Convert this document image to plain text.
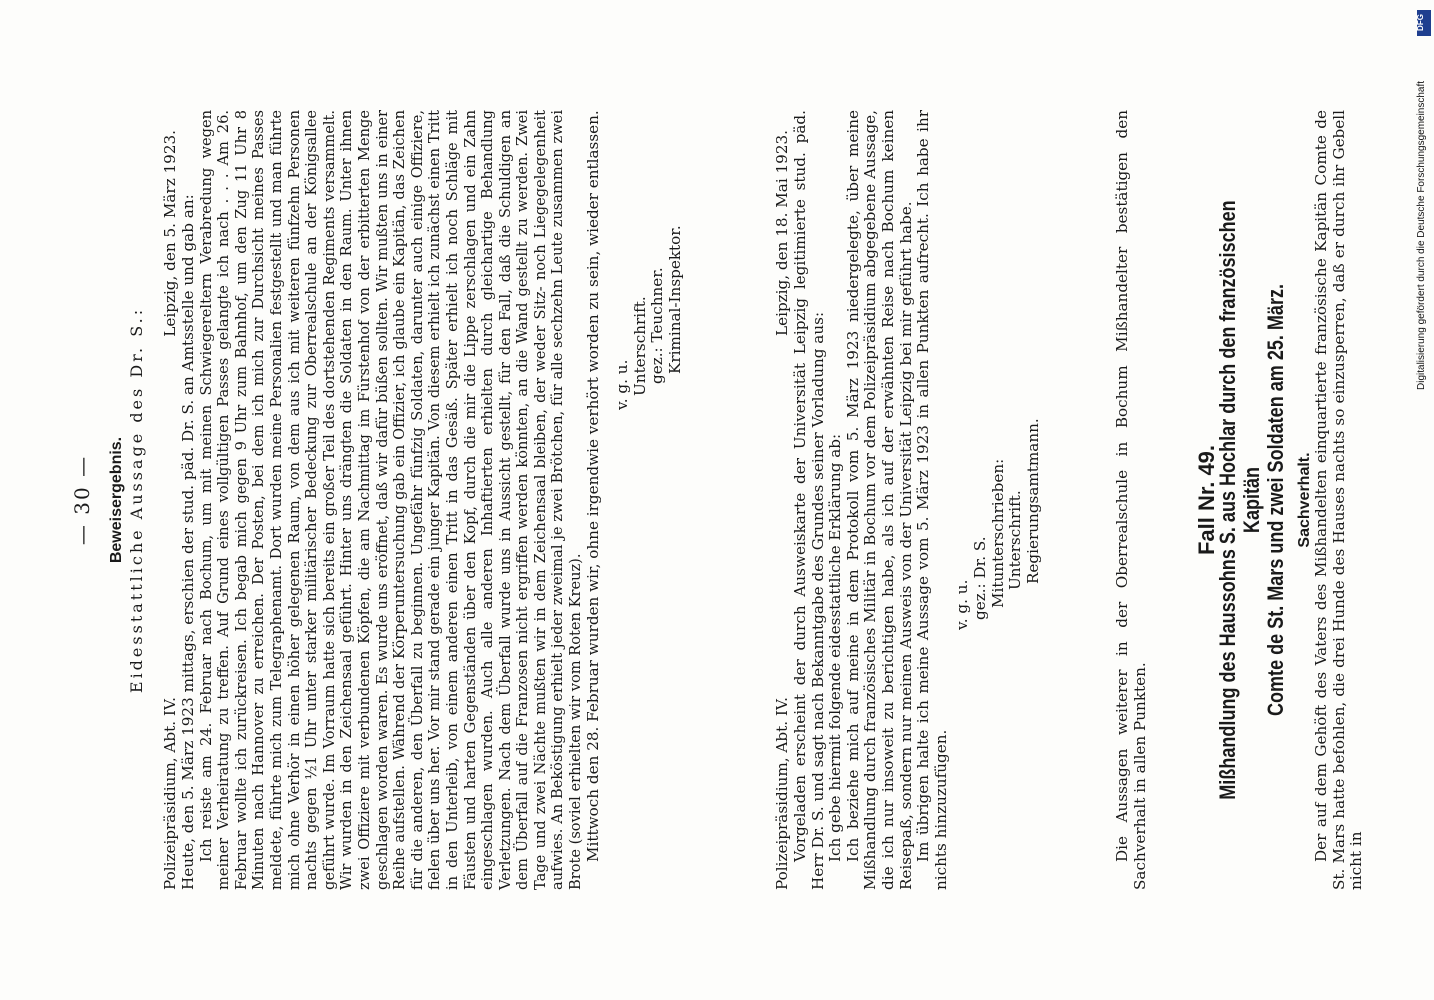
— 30 — Beweisergebnis. Eidesstattliche Aussage des Dr. S.:
Polizeipräsidium, Abt. IV.
Leipzig, den 5. März 1923. Heute, den 5. März 1923 mittags, erschien der stud. päd. Dr. S. an Amtsstelle und gab an: Ich reiste am 24. Februar nach Bochum, um mit meinen Schwiegereltern Verabredung wegen meiner Verheiratung zu treffen. Auf Grund eines vollgültigen Passes gelangte ich nach . . . Am 26. Februar wollte ich zurückreisen. Ich begab mich gegen 9 Uhr zum Bahnhof, um den Zug 11 Uhr 8 Minuten nach Hannover zu erreichen. Der Posten, bei dem ich mich zur Durchsicht meines Passes meldete, führte mich zum Telegraphenamt. Dort wurden meine Personalien festgestellt und man führte mich ohne Verhör in einen höher gelegenen Raum, von dem aus ich mit weiteren fünfzehn Personen nachts gegen ½1 Uhr unter starker militärischer Bedeckung zur Oberrealschule an der Königsallee geführt wurde. Im Vorraum hatte sich bereits ein großer Teil des dortstehenden Regiments versammelt. Wir wurden in den Zeichensaal geführt. Hinter uns drängten die Soldaten in den Raum. Unter ihnen zwei Offiziere mit verbundenen Köpfen, die am Nachmittag im Fürstenhof von der erbitterten Menge geschlagen worden waren. Es wurde uns eröffnet, daß wir dafür büßen sollten. Wir mußten uns in einer Reihe aufstellen. Während der Körperuntersuchung gab ein Offizier, ich glaube ein Kapitän, das Zeichen für die anderen, den Überfall zu beginnen. Ungefähr fünfzig Soldaten, darunter auch einige Offiziere, fielen über uns her. Vor mir stand gerade ein junger Kapitän. Von diesem erhielt ich zunächst einen Tritt in den Unterleib, von einem anderen einen Tritt in das Gesäß. Später erhielt ich noch Schläge mit Fäusten und harten Gegenständen über den Kopf, durch die mir die Lippe zerschlagen und ein Zahn eingeschlagen wurden. Auch alle anderen Inhaftierten erhielten durch gleichartige Behandlung Verletzungen. Nach dem Überfall wurde uns in Aussicht gestellt, für den Fall, daß die Schuldigen an dem Überfall auf die Franzosen nicht ergriffen werden könnten, an die Wand gestellt zu werden. Zwei Tage und zwei Nächte mußten wir in dem Zeichensaal bleiben, der weder Sitz- noch Liegegelegenheit aufwies. An Beköstigung erhielt jeder zweimal je zwei Brötchen, für alle sechzehn Leute zusammen zwei Brote (soviel erhielten wir vom Roten Kreuz). Mittwoch den 28. Februar wurden wir, ohne irgendwie verhört worden zu sein, wieder entlassen. v. g. u. Unterschrift. gez.: Teuchner. Kriminal-Inspektor.

Polizeipräsidium, Abt. IV.
Leipzig, den 18. Mai 1923. Vorgeladen erscheint der durch Ausweiskarte der Universität Leipzig legitimierte stud. päd. Herr Dr. S. und sagt nach Bekanntgabe des Grundes seiner Vorladung aus: Ich gebe hiermit folgende eidesstattliche Erklärung ab: Ich beziehe mich auf meine in dem Protokoll vom 5. März 1923 niedergelegte, über meine Mißhandlung durch französisches Militär in Bochum vor dem Polizeipräsidium abgegebene Aussage, die ich nur insoweit zu berichtigen habe, als ich auf der erwähnten Reise nach Bochum keinen Reisepaß, sondern nur meinen Ausweis von der Universität Leipzig bei mir geführt habe. Im übrigen halte ich meine Aussage vom 5. März 1923 in allen Punkten aufrecht. Ich habe ihr nichts hinzuzufügen.

v. g. u. gez.: Dr. S. Mitunterschrieben: Unterschrift. Regierungsamtmann.	Die Aussagen weiterer in der Oberrealschule in Bochum Mißhandelter bestätigen den Sachverhalt in allen Punkten.

Fall Nr. 49.
Mißhandlung des Haussohns S. aus Hochlar durch den französischen Kapitän Comte de St. Mars und zwei Soldaten am 25. März. Sachverhalt. Der auf dem Gehöft des Vaters des Mißhandelten einquartierte französische Kapitän Comte de St. Mars hatte befohlen, die drei Hunde des Hauses nachts so einzusperren, daß er durch ihr Gebell nicht in

DFG
Digitalisierung gefördert durch die Deutsche Forschungsgemeinschaft
